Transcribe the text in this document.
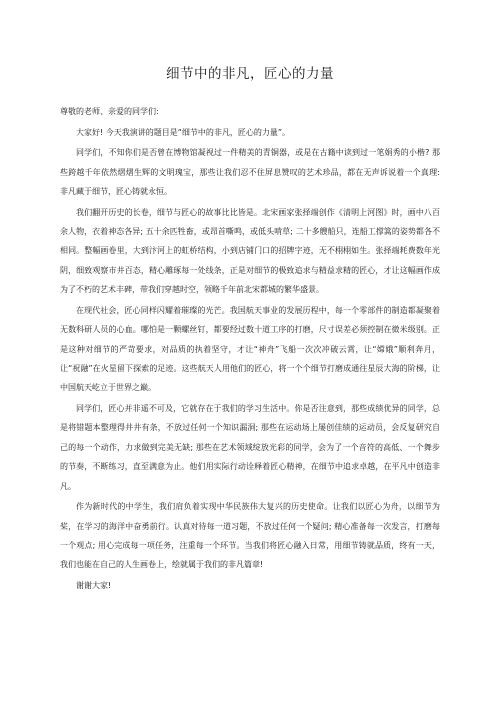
细节中的非凡，匠心的力量

尊敬的老师、亲爱的同学们:

大家好! 今天我演讲的题目是“细节中的非凡，匠心的力量”。

同学们，不知你们是否曾在博物馆凝视过一件精美的青铜器，或是在古籍中读到过一笔娟秀的小楷? 那些跨越千年依然熠熠生辉的文明瑰宝，那些让我们忍不住屏息赞叹的艺术珍品，都在无声诉说着一个真理: 非凡藏于细节，匠心铸就永恒。

我们翻开历史的长卷，细节与匠心的故事比比皆是。北宋画家张择端创作《清明上河图》时，画中八百余人物，衣着神态各异; 五十余匹牲畜，或昂首嘶鸣，或低头啃草; 二十多艘船只，连船工撑篙的姿势都各不相同。整幅画卷里，大到汴河上的虹桥结构，小到店铺门口的招牌字迹，无不栩栩如生。张择端耗费数年光阴，细致观察市井百态，精心雕琢每一处线条，正是对细节的极致追求与精益求精的匠心，才让这幅画作成为了不朽的艺术丰碑，带我们穿越时空，领略千年前北宋都城的繁华盛景。

在现代社会，匠心同样闪耀着璀璨的光芒。我国航天事业的发展历程中，每一个零部件的制造都凝聚着无数科研人员的心血。哪怕是一颗螺丝钉，都要经过数十道工序的打磨，尺寸误差必须控制在微米级别。正是这种对细节的严苛要求，对品质的执着坚守，才让“神舟”飞船一次次冲破云霄，让“嫦娥”顺利奔月，让“祝融”在火星留下探索的足迹。这些航天人用他们的匠心，将一个个细节打磨成通往星辰大海的阶梯，让中国航天屹立于世界之巅。

同学们，匠心并非遥不可及，它就存在于我们的学习生活中。你是否注意到，那些成绩优异的同学，总是将错题本整理得井井有条，不放过任何一个知识漏洞; 那些在运动场上屡创佳绩的运动员，会反复研究自己的每一个动作，力求做到完美无缺; 那些在艺术领域绽放光彩的同学，会为了一个音符的高低、一个舞步的节奏，不断练习，直至满意为止。他们用实际行动诠释着匠心精神，在细节中追求卓越，在平凡中创造非凡。

作为新时代的中学生，我们肩负着实现中华民族伟大复兴的历史使命。让我们以匠心为舟，以细节为桨，在学习的海洋中奋勇前行。认真对待每一道习题，不放过任何一个疑问; 精心准备每一次发言，打磨每一个观点; 用心完成每一项任务，注重每一个环节。当我们将匠心融入日常，用细节铸就品质，终有一天，我们也能在自己的人生画卷上，绘就属于我们的非凡篇章!

谢谢大家!
